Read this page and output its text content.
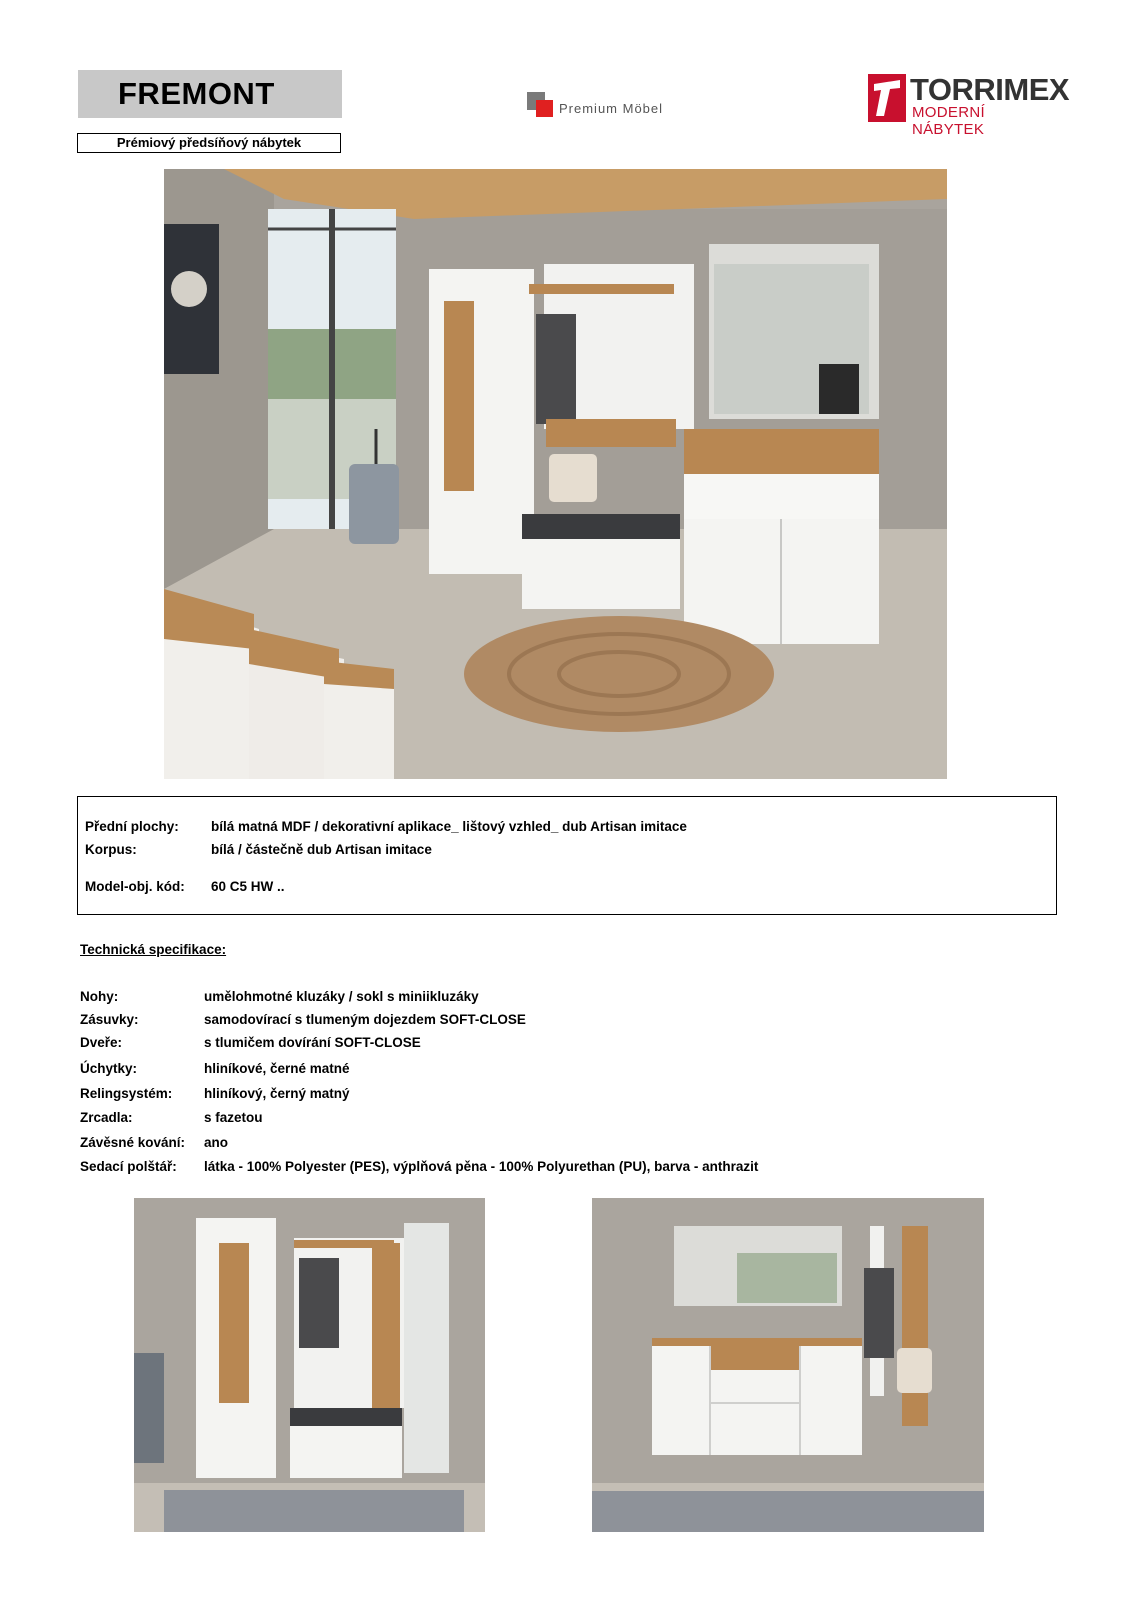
FREMONT
Prémiový předsíňový nábytek
Premium Möbel
TORRIMEX
MODERNÍ NÁBYTEK
Přední plochy: bílá matná MDF / dekorativní aplikace_ lištový vzhled_ dub Artisan imitace
Korpus:	bílá / částečně dub Artisan imitace
Model-obj. kód: 60 C5 HW ..
Technická specifikace:
Nohy:	umělohmotné kluzáky / sokl s miniikluzáky
Zásuvky:	samodovírací s tlumeným dojezdem SOFT-CLOSE
Dveře:	s tlumičem dovírání SOFT-CLOSE
Úchytky:	hliníkové, černé matné
Relingsystém: hliníkový, černý matný
Zrcadla:	s fazetou
Závěsné kování: ano
Sedací polštář: látka - 100% Polyester (PES), výplňová pěna - 100% Polyurethan (PU), barva - anthrazit
